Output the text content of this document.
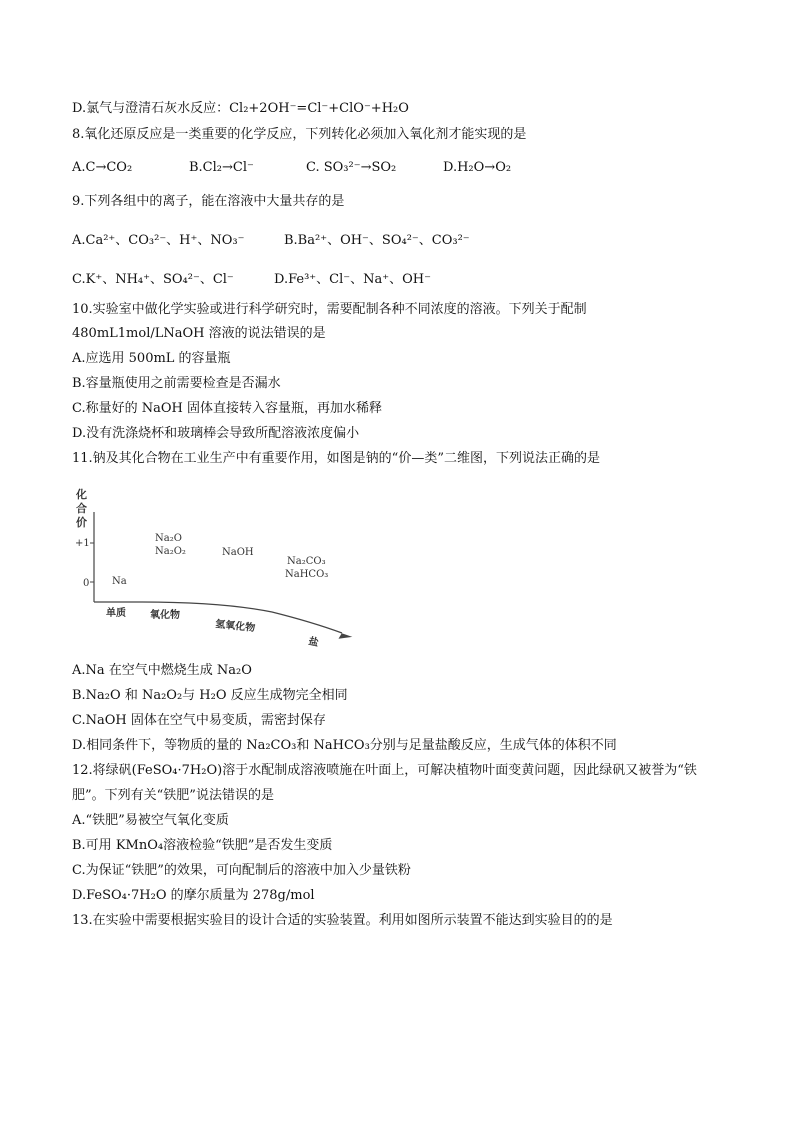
D.氯气与澄清石灰水反应：Cl₂+2OH⁻=Cl⁻+ClO⁻+H₂O
8.氧化还原反应是一类重要的化学反应，下列转化必须加入氧化剂才能实现的是
A.C→CO₂	B.Cl₂→Cl⁻	C. SO₃²⁻→SO₂	D.H₂O→O₂
9.下列各组中的离子，能在溶液中大量共存的是
A.Ca²⁺、CO₃²⁻、H⁺、NO₃⁻	B.Ba²⁺、OH⁻、SO₄²⁻、CO₃²⁻
C.K⁺、NH₄⁺、SO₄²⁻、Cl⁻	D.Fe³⁺、Cl⁻、Na⁺、OH⁻
10.实验室中做化学实验或进行科学研究时，需要配制各种不同浓度的溶液。下列关于配制
480mL1mol/LNaOH 溶液的说法错误的是
A.应选用 500mL 的容量瓶
B.容量瓶使用之前需要检查是否漏水
C.称量好的 NaOH 固体直接转入容量瓶，再加水稀释
D.没有洗涤烧杯和玻璃棒会导致所配溶液浓度偏小
11.钠及其化合物在工业生产中有重要作用，如图是钠的“价—类”二维图，下列说法正确的是
化
合
价
+1
0
单质 氧化物
氢氧化物
盐
Na
Na₂O
Na₂O₂	NaOH
Na₂CO₃
NaHCO₃
A.Na 在空气中燃烧生成 Na₂O
B.Na₂O 和 Na₂O₂与 H₂O 反应生成物完全相同
C.NaOH 固体在空气中易变质，需密封保存
D.相同条件下，等物质的量的 Na₂CO₃和 NaHCO₃分别与足量盐酸反应，生成气体的体积不同
12.将绿矾(FeSO₄·7H₂O)溶于水配制成溶液喷施在叶面上，可解决植物叶面变黄问题，因此绿矾又被誉为“铁
肥”。下列有关“铁肥”说法错误的是
A.“铁肥”易被空气氧化变质
B.可用 KMnO₄溶液检验“铁肥”是否发生变质
C.为保证“铁肥”的效果，可向配制后的溶液中加入少量铁粉
D.FeSO₄·7H₂O 的摩尔质量为 278g/mol
13.在实验中需要根据实验目的设计合适的实验装置。利用如图所示装置不能达到实验目的的是
